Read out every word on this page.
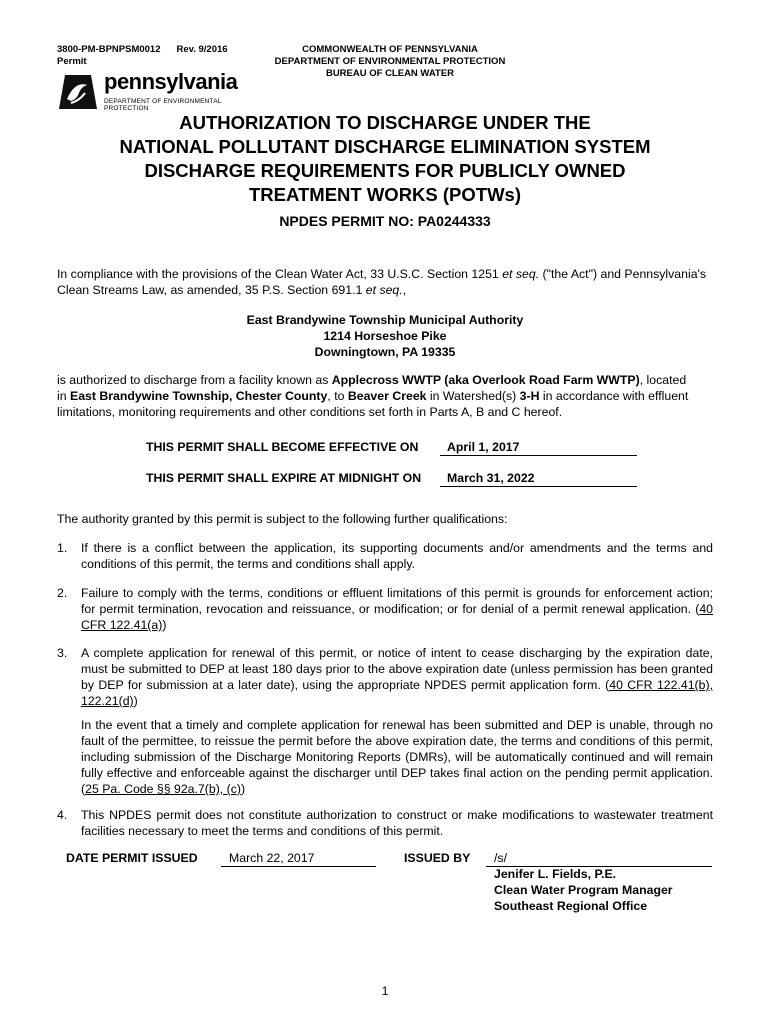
3800-PM-BPNPSM0012 Rev. 9/2016
Permit
COMMONWEALTH OF PENNSYLVANIA
DEPARTMENT OF ENVIRONMENTAL PROTECTION
BUREAU OF CLEAN WATER
pennsylvania
DEPARTMENT OF ENVIRONMENTAL PROTECTION
AUTHORIZATION TO DISCHARGE UNDER THE
NATIONAL POLLUTANT DISCHARGE ELIMINATION SYSTEM
DISCHARGE REQUIREMENTS FOR PUBLICLY OWNED
TREATMENT WORKS (POTWs)
NPDES PERMIT NO: PA0244333
In compliance with the provisions of the Clean Water Act, 33 U.S.C. Section 1251 et seq. ("the Act") and Pennsylvania's
Clean Streams Law, as amended, 35 P.S. Section 691.1 et seq.,
East Brandywine Township Municipal Authority
1214 Horseshoe Pike
Downingtown, PA 19335
is authorized to discharge from a facility known as Applecross WWTP (aka Overlook Road Farm WWTP), located
in East Brandywine Township, Chester County, to Beaver Creek in Watershed(s) 3-H in accordance with effluent
limitations, monitoring requirements and other conditions set forth in Parts A, B and C hereof.
THIS PERMIT SHALL BECOME EFFECTIVE ON	April 1, 2017
THIS PERMIT SHALL EXPIRE AT MIDNIGHT ON	March 31, 2022
The authority granted by this permit is subject to the following further qualifications:
1. If there is a conflict between the application, its supporting documents and/or amendments and the terms and conditions of this permit, the terms and conditions shall apply.
2. Failure to comply with the terms, conditions or effluent limitations of this permit is grounds for enforcement action; for permit termination, revocation and reissuance, or modification; or for denial of a permit renewal application. (40 CFR 122.41(a))
3. A complete application for renewal of this permit, or notice of intent to cease discharging by the expiration date, must be submitted to DEP at least 180 days prior to the above expiration date (unless permission has been granted by DEP for submission at a later date), using the appropriate NPDES permit application form. (40 CFR 122.41(b), 122.21(d))
In the event that a timely and complete application for renewal has been submitted and DEP is unable, through no fault of the permittee, to reissue the permit before the above expiration date, the terms and conditions of this permit, including submission of the Discharge Monitoring Reports (DMRs), will be automatically continued and will remain fully effective and enforceable against the discharger until DEP takes final action on the pending permit application. (25 Pa. Code §§ 92a.7(b), (c))
4. This NPDES permit does not constitute authorization to construct or make modifications to wastewater treatment facilities necessary to meet the terms and conditions of this permit.
DATE PERMIT ISSUED	March 22, 2017	ISSUED BY	/s/
Jenifer L. Fields, P.E.
Clean Water Program Manager
Southeast Regional Office
1
